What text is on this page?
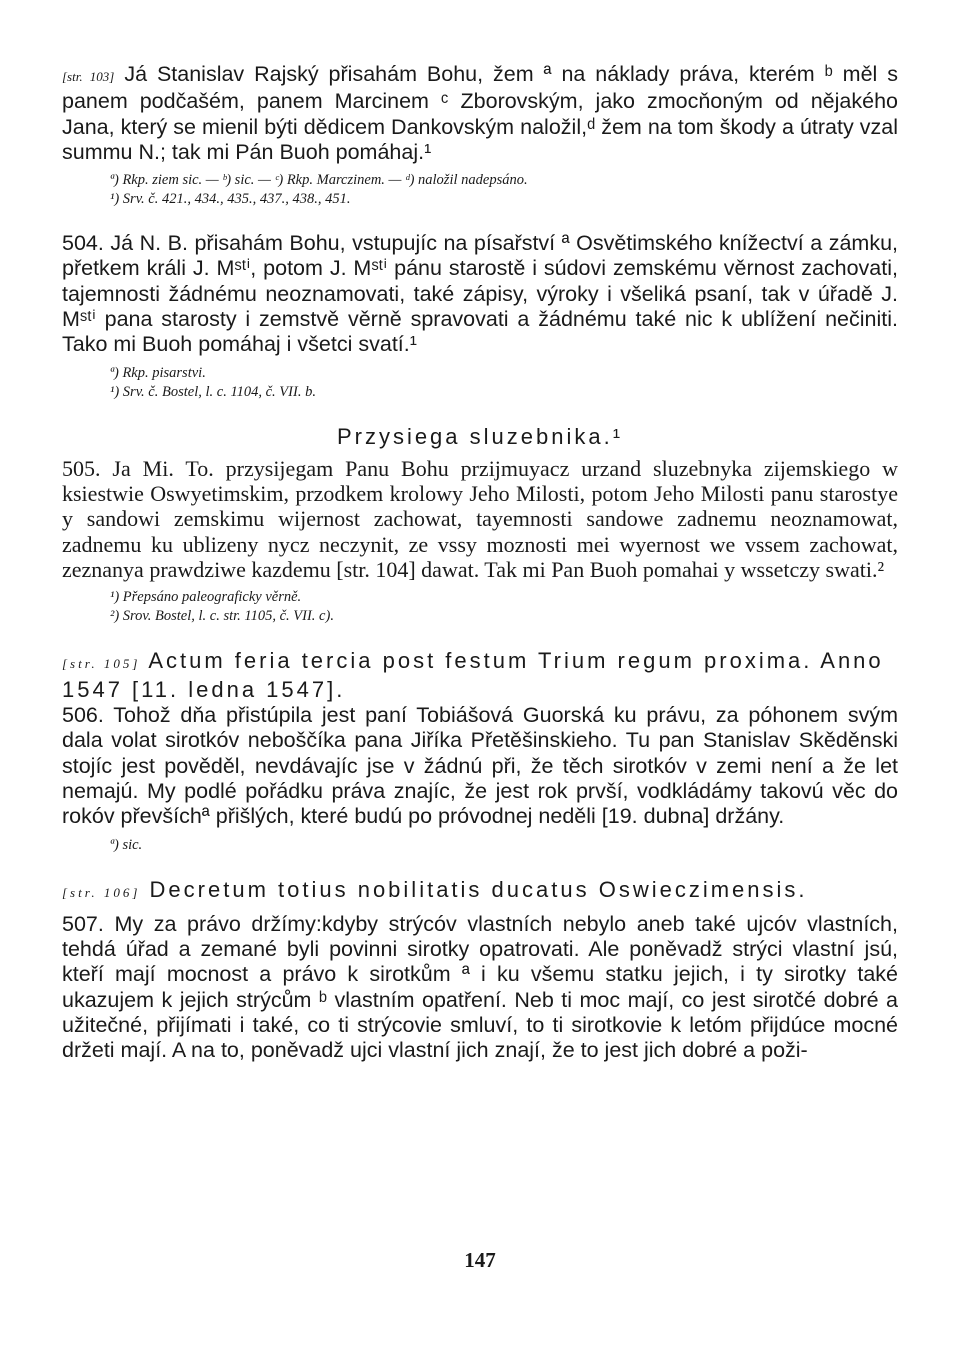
[str. 103] Já Stanislav Rajský přisahám Bohu, žem ª na náklady práva, kterém ᵇ měl s panem podčašém, panem Marcinem ᶜ Zborovským, jako zmocňoným od nějakého Jana, který se mienil býti dědicem Dankovským naložil,ᵈ žem na tom škody a útraty vzal summu N.; tak mi Pán Buoh pomáhaj.¹

ª) Rkp. ziem sic. — ᵇ) sic. — ᶜ) Rkp. Marczinem. — ᵈ) naložil nadepsáno.

¹) Srv. č. 421., 434., 435., 437., 438., 451.

504. Já N. B. přisahám Bohu, vstupujíc na písařství ª Osvětimského knížectví a zámku, přetkem králi J. Mˢᵗⁱ, potom J. Mˢᵗⁱ pánu starostě i súdovi zemskému věrnost zachovati, tajemnosti žádnému neoznamovati, také zápisy, výroky i všeliká psaní, tak v úřadě J. Mˢᵗⁱ pana starosty i zemstvě věrně spravovati a žádnému také nic k ublížení nečiniti. Tako mi Buoh pomáhaj i všetci svatí.¹

ª) Rkp. pisarstvi.

¹) Srv. č. Bostel, l. c. 1104, č. VII. b.

Przysiega sluzebnika.¹

505. Ja Mi. To. przysijegam Panu Bohu przijmuyacz urzand sluzebnyka zijemskiego w ksiestwie Oswyetimskim, przodkem krolowy Jeho Milosti, potom Jeho Milosti panu starostye y sandowi zemskimu wijernost zachowat, tayemnosti sandowe zadnemu neoznamowat, zadnemu ku ublizeny nycz neczynit, ze vssy moznosti mei wyernost we vssem zachowat, zeznanya prawdziwe kazdemu [str. 104] dawat. Tak mi Pan Buoh pomahai y wssetczy swati.²

¹) Přepsáno paleograficky věrně.

²) Srov. Bostel, l. c. str. 1105, č. VII. c).

[str. 105] Actum feria tercia post festum Trium regum proxima. Anno 1547 [11. ledna 1547].

506. Tohož dňa přistúpila jest paní Tobiášová Guorská ku právu, za póhonem svým dala volat sirotkóv neboščíka pana Jiříka Přetěšinskieho. Tu pan Stanislav Skěděnski stojíc jest pověděl, nevdávajíc jse v žádnú při, že těch sirotkóv v zemi není a že let nemajú. My podlé pořádku práva znajíc, že jest rok prvší, vodkládámy takovú věc do rokóv převšíchª přišlých, které budú po próvodnej neděli [19. dubna] držány.

ª) sic.

[str. 106] Decretum totius nobilitatis ducatus Oswieczimensis.

507. My za právo držímy:kdyby strýcóv vlastních nebylo aneb také ujcóv vlastních, tehdá úřad a zemané byli povinni sirotky opatrovati. Ale poněvadž strýci vlastní jsú, kteří mají mocnost a právo k sirotkům ª i ku všemu statku jejich, i ty sirotky také ukazujem k jejich strýcům ᵇ vlastním opatření. Neb ti moc mají, co jest sirotčé dobré a užitečné, přijímati i také, co ti strýcovie smluví, to ti sirotkovie k letóm přijdúce mocné držeti mají. A na to, poněvadž ujci vlastní jich znají, že to jest jich dobré a poži-

147
